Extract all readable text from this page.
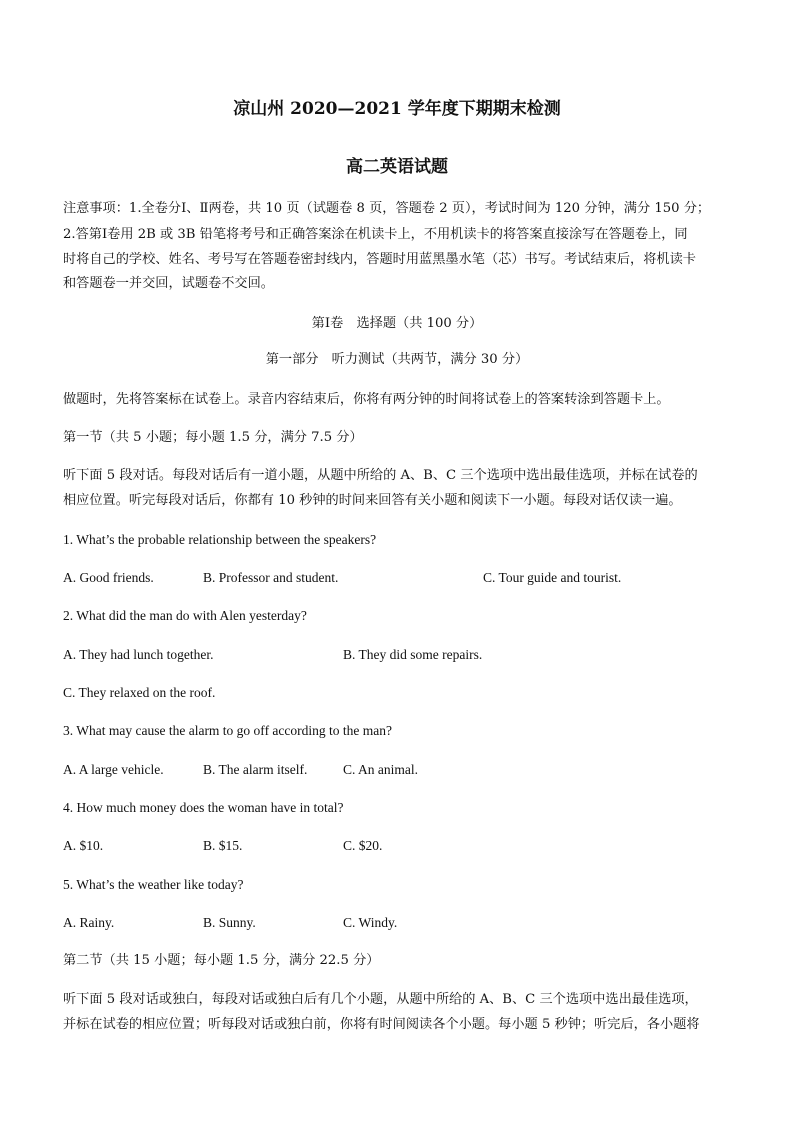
凉山州 2020—2021 学年度下期期末检测
高二英语试题
注意事项：1.全卷分Ⅰ、Ⅱ两卷，共 10 页（试题卷 8 页，答题卷 2 页），考试时间为 120 分钟，满分 150 分；
2.答第Ⅰ卷用 2B 或 3B 铅笔将考号和正确答案涂在机读卡上，不用机读卡的将答案直接涂写在答题卷上，同
时将自己的学校、姓名、考号写在答题卷密封线内，答题时用蓝黑墨水笔（芯）书写。考试结束后，将机读卡
和答题卷一并交回，试题卷不交回。
第Ⅰ卷　选择题（共 100 分）
第一部分　听力测试（共两节，满分 30 分）
做题时，先将答案标在试卷上。录音内容结束后，你将有两分钟的时间将试卷上的答案转涂到答题卡上。
第一节（共 5 小题；每小题 1.5 分，满分 7.5 分）
听下面 5 段对话。每段对话后有一道小题，从题中所给的 A、B、C 三个选项中选出最佳选项，并标在试卷的
相应位置。听完每段对话后，你都有 10 秒钟的时间来回答有关小题和阅读下一小题。每段对话仅读一遍。
1. What’s the probable relationship between the speakers?
A. Good friends.	B. Professor and student.	C. Tour guide and tourist.
2. What did the man do with Alen yesterday?
A. They had lunch together.	B. They did some repairs.
C. They relaxed on the roof.
3. What may cause the alarm to go off according to the man?
A. A large vehicle.	B. The alarm itself.	C. An animal.
4. How much money does the woman have in total?
A. $10.	B. $15.	C. $20.
5. What’s the weather like today?
A. Rainy.	B. Sunny.	C. Windy.
第二节（共 15 小题；每小题 1.5 分，满分 22.5 分）
听下面 5 段对话或独白，每段对话或独白后有几个小题，从题中所给的 A、B、C 三个选项中选出最佳选项，
并标在试卷的相应位置；听每段对话或独白前，你将有时间阅读各个小题。每小题 5 秒钟；听完后，各小题将
